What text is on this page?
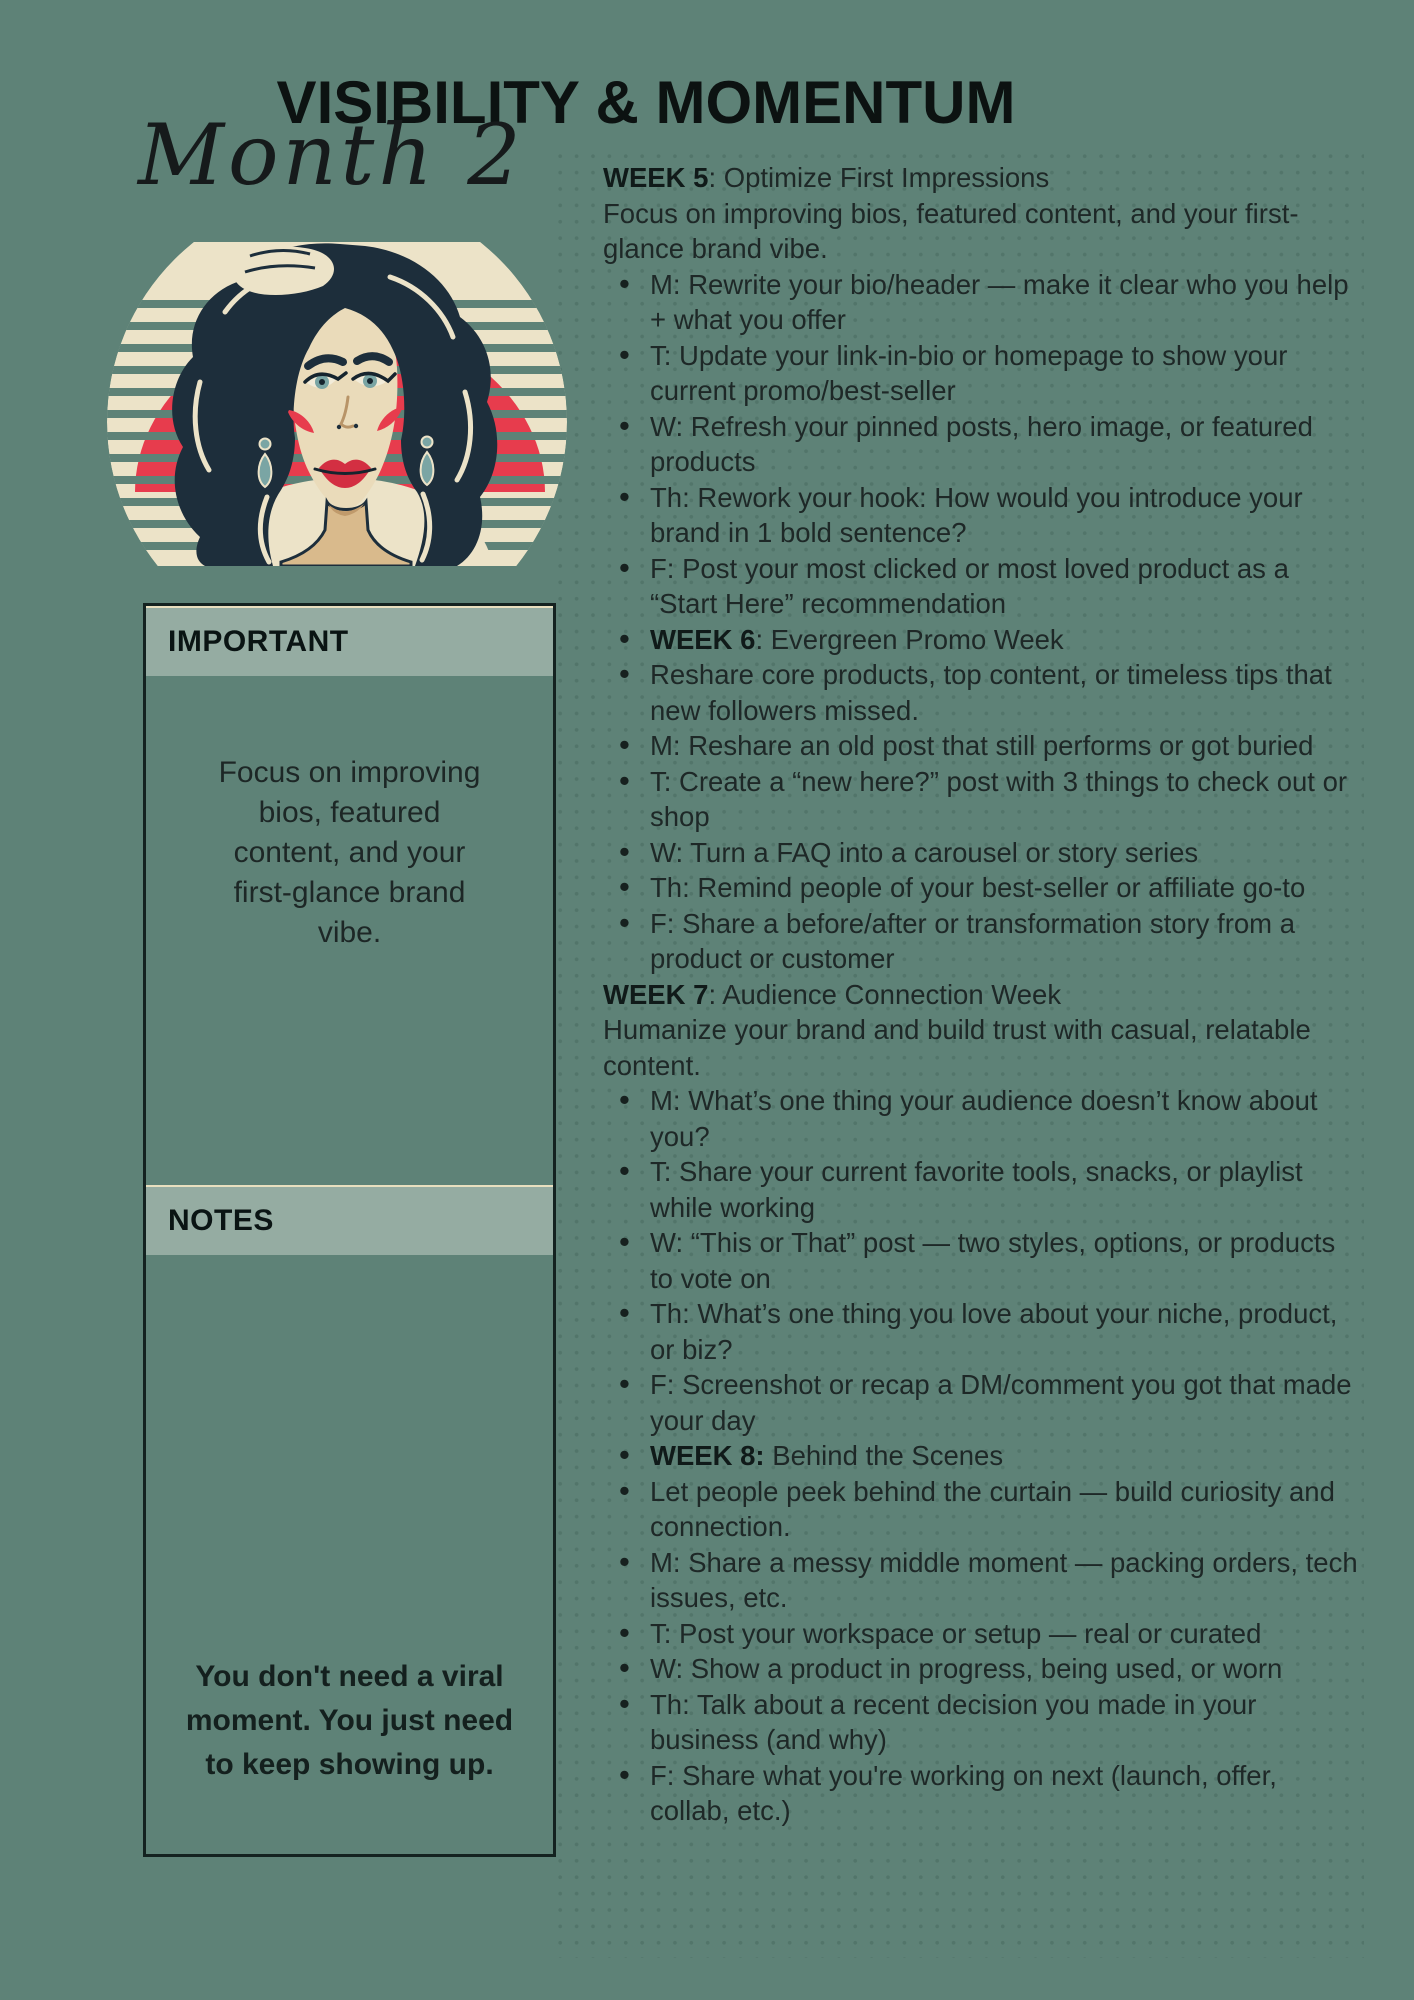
VISIBILITY & MOMENTUM
Month 2
IMPORTANT
Focus on improving bios, featured content, and your first-glance brand vibe.
NOTES
You don't need a viral moment. You just need to keep showing up.
WEEK 5: Optimize First Impressions
Focus on improving bios, featured content, and your first-glance brand vibe.
• M: Rewrite your bio/header — make it clear who you help + what you offer
• T: Update your link-in-bio or homepage to show your current promo/best-seller
• W: Refresh your pinned posts, hero image, or featured products
• Th: Rework your hook: How would you introduce your brand in 1 bold sentence?
• F: Post your most clicked or most loved product as a “Start Here” recommendation
• WEEK 6: Evergreen Promo Week
• Reshare core products, top content, or timeless tips that new followers missed.
• M: Reshare an old post that still performs or got buried
• T: Create a “new here?” post with 3 things to check out or shop
• W: Turn a FAQ into a carousel or story series
• Th: Remind people of your best-seller or affiliate go-to
• F: Share a before/after or transformation story from a product or customer
WEEK 7: Audience Connection Week
Humanize your brand and build trust with casual, relatable content.
• M: What’s one thing your audience doesn’t know about you?
• T: Share your current favorite tools, snacks, or playlist while working
• W: “This or That” post — two styles, options, or products to vote on
• Th: What’s one thing you love about your niche, product, or biz?
• F: Screenshot or recap a DM/comment you got that made your day
• WEEK 8: Behind the Scenes
• Let people peek behind the curtain — build curiosity and connection.
• M: Share a messy middle moment — packing orders, tech issues, etc.
• T: Post your workspace or setup — real or curated
• W: Show a product in progress, being used, or worn
• Th: Talk about a recent decision you made in your business (and why)
• F: Share what you're working on next (launch, offer, collab, etc.)
